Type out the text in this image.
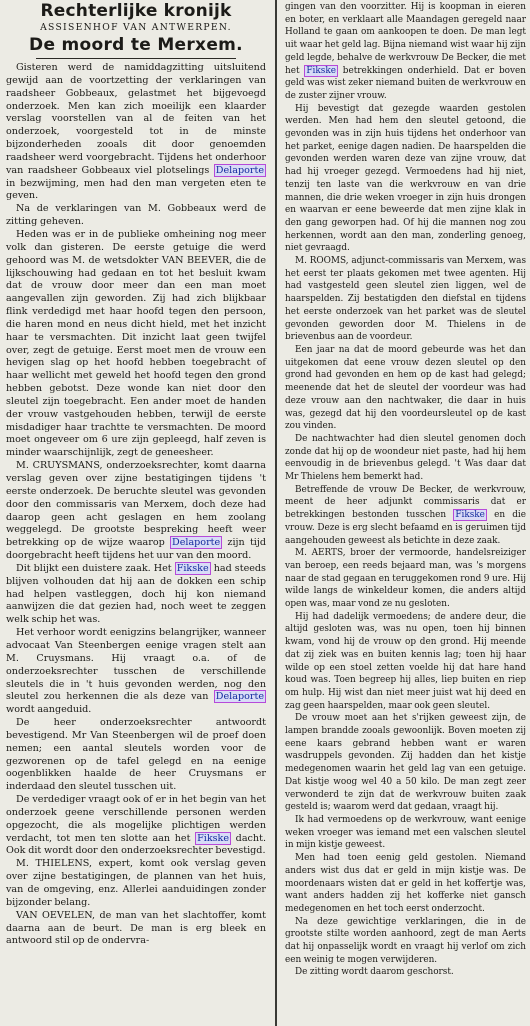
Rechterlijke kronijk
ASSISENHOF VAN ANTWERPEN.
De moord te Merxem.

Gisteren werd de namiddagzitting uitsluitend gewijd aan de voortzetting der verklaringen van raadsheer Gobbeaux, gelastmet het bijgevoegd onderzoek. Men kan zich moeilijk een klaarder verslag voorstellen van al de feiten van het onderzoek, voorgesteld tot in de minste bijzonderheden zooals dit door genoemden raadsheer werd voorgebracht. Tijdens het onderhoor van raadsheer Gobbeaux viel plotselings Delaporte in bezwijming, men had den man vergeten eten te geven.

Na de verklaringen van M. Gobbeaux werd de zitting geheven.

Heden was er in de publieke omheining nog meer volk dan gisteren. De eerste getuige die werd gehoord was M. de wetsdokter VAN BEEVER, die de lijkschouwing had gedaan en tot het besluit kwam dat de vrouw door meer dan een man moet aangevallen zijn geworden. Zij had zich blijkbaar flink verdedigd met haar hoofd tegen den persoon, die haren mond en neus dicht hield, met het inzicht haar te versmachten. Dit inzicht laat geen twijfel over, zegt de getuige. Eerst moet men de vrouw een hevigen slag op het hoofd hebben toegebracht of haar wellicht met geweld het hoofd tegen den grond hebben gebotst. Deze wonde kan niet door den sleutel zijn toegebracht. Een ander moet de handen der vrouw vastgehouden hebben, terwijl de eerste misdadiger haar trachtte te versmachten. De moord moet ongeveer om 6 ure zijn gepleegd, half zeven is minder waarschijnlijk, zegt de geneesheer.

M. CRUYSMANS, onderzoeksrechter, komt daarna verslag geven over zijne bestatigingen tijdens 't eerste onderzoek. De beruchte sleutel was gevonden door den commissaris van Merxem, doch deze had daarop geen acht geslagen en hem zoolang weggelegd. De grootste bespreking heeft weer betrekking op de wijze waarop Delaporte zijn tijd doorgebracht heeft tijdens het uur van den moord.

Dit blijkt een duistere zaak. Het Fikske had steeds blijven volhouden dat hij aan de dokken een schip had helpen vastleggen, doch hij kon niemand aanwijzen die dat gezien had, noch weet te zeggen welk schip het was.

Het verhoor wordt eenigzins belangrijker, wanneer advocaat Van Steenbergen eenige vragen stelt aan M. Cruysmans. Hij vraagt o.a. of de onderzoeksrechter tusschen de verschillende sleutels die in 't huis gevonden werden, nog den sleutel zou herkennen die als deze van Delaporte wordt aangeduid.

De heer onderzoeksrechter antwoordt bevestigend. Mr Van Steenbergen wil de proef doen nemen; een aantal sleutels worden voor de gezworenen op de tafel gelegd en na eenige oogenblikken haalde de heer Cruysmans er inderdaad den sleutel tusschen uit.

De verdediger vraagt ook of er in het begin van het onderzoek geene verschillende personen werden opgezocht, die als mogelijke plichtigen werden verdacht, tot men ten slotte aan het Fikske dacht. Ook dit wordt door den onderzoeksrechter bevestigd.

M. THIELENS, expert, komt ook verslag geven over zijne bestatigingen, de plannen van het huis, van de omgeving, enz. Allerlei aanduidingen zonder bijzonder belang.

VAN OEVELEN, de man van het slachtoffer, komt daarna aan de beurt. De man is erg bleek en antwoord stil op de ondervra-

gingen van den voorzitter. Hij is koopman in eieren en boter, en verklaart alle Maandagen geregeld naar Holland te gaan om aankoopen te doen. De man legt uit waar het geld lag. Bijna niemand wist waar hij zijn geld legde, behalve de werkvrouw De Becker, die met het Fikske betrekkingen onderhield. Dat er boven geld was wist zeker niemand buiten de werkvrouw en de zuster zijner vrouw.

Hij bevestigt dat gezegde waarden gestolen werden. Men had hem den sleutel getoond, die gevonden was in zijn huis tijdens het onderhoor van het parket, eenige dagen nadien. De haarspelden die gevonden werden waren deze van zijne vrouw, dat had hij vroeger gezegd. Vermoedens had hij niet, tenzij ten laste van die werkvrouw en van drie mannen, die drie weken vroeger in zijn huis drongen en waarvan er eene beweerde dat men zijne klak in den gang geworpen had. Of hij die mannen nog zou herkennen, wordt aan den man, zonderling genoeg, niet gevraagd.

M. ROOMS, adjunct-commissaris van Merxem, was het eerst ter plaats gekomen met twee agenten. Hij had vastgesteld geen sleutel zien liggen, wel de haarspelden. Zij bestatigden den diefstal en tijdens het eerste onderzoek van het parket was de sleutel gevonden geworden door M. Thielens in de brievenbus aan de voordeur.

Een jaar na dat de moord gebeurde was het dan uitgekomen dat eene vrouw dezen sleutel op den grond had gevonden en hem op de kast had gelegd; meenende dat het de sleutel der voordeur was had deze vrouw aan den nachtwaker, die daar in huis was, gezegd dat hij den voordeursleutel op de kast zou vinden.

De nachtwachter had dien sleutel genomen doch zonde dat hij op de woondeur niet paste, had hij hem eenvoudig in de brievenbus gelegd. 't Was daar dat Mr Thielens hem bemerkt had.

Betreffende de vrouw De Becker, de werkvrouw, meent de heer adjunkt commissaris dat er betrekkingen bestonden tusschen Fikske en die vrouw. Deze is erg slecht befaamd en is geruimen tijd aangehouden geweest als betichte in deze zaak.

M. AERTS, broer der vermoorde, handelsreiziger van beroep, een reeds bejaard man, was 's morgens naar de stad gegaan en teruggekomen rond 9 ure. Hij wilde langs de winkeldeur komen, die anders altijd open was, maar vond ze nu gesloten.

Hij had dadelijk vermoedens; de andere deur, die altijd gesloten was, was nu open, toen hij binnen kwam, vond hij de vrouw op den grond. Hij meende dat zij ziek was en buiten kennis lag; toen hij haar wilde op een stoel zetten voelde hij dat hare hand koud was. Toen begreep hij alles, liep buiten en riep om hulp. Hij wist dan niet meer juist wat hij deed en zag geen haarspelden, maar ook geen sleutel.

De vrouw moet aan het s'rijken geweest zijn, de lampen brandde zooals gewoonlijk. Boven moeten zij eene kaars gebrand hebben want er waren wasdruppels gevonden. Zij hadden dan het kistje medegenomen waarin het geld lag van een getuige. Dat kistje woog wel 40 a 50 kilo. De man zegt zeer verwonderd te zijn dat de werkvrouw buiten zaak gesteld is; waarom werd dat gedaan, vraagt hij.

Ik had vermoedens op de werkvrouw, want eenige weken vroeger was iemand met een valschen sleutel in mijn kistje geweest.

Men had toen eenig geld gestolen. Niemand anders wist dus dat er geld in mijn kistje was. De moordenaars wisten dat er geld in het koffertje was, want anders hadden zij het kofferke niet gansch medegenomen en het toch eerst onderzocht.

Na deze gewichtige verklaringen, die in de grootste stilte worden aanhoord, zegt de man Aerts dat hij onpasselijk wordt en vraagt hij verlof om zich een weinig te mogen verwijderen.

De zitting wordt daarom geschorst.
